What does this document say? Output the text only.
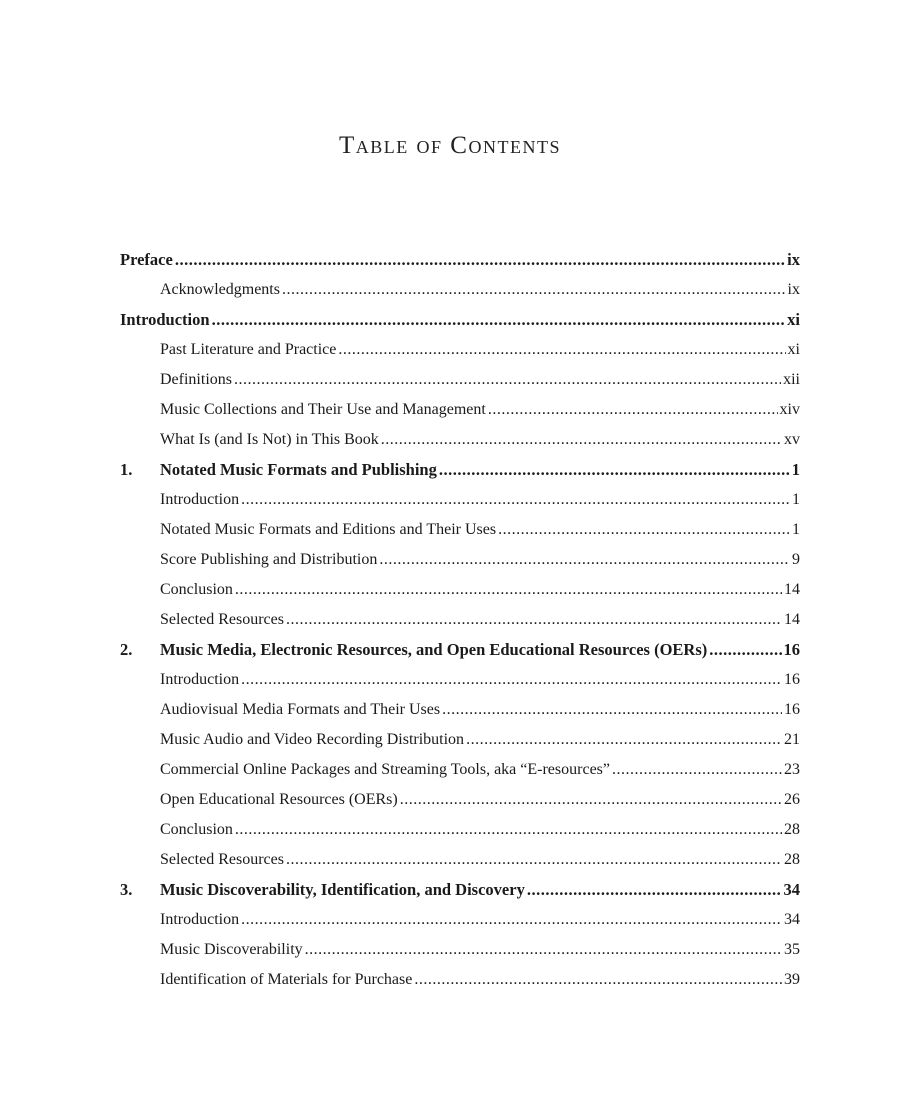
Table of Contents
Preface .....	ix
Acknowledgments .....	ix
Introduction .....	xi
Past Literature and Practice .....	xi
Definitions .....	xii
Music Collections and Their Use and Management .....	xiv
What Is (and Is Not) in This Book .....	xv
1.	Notated Music Formats and Publishing .....	1
Introduction .....	1
Notated Music Formats and Editions and Their Uses .....	1
Score Publishing and Distribution .....	9
Conclusion .....	14
Selected Resources .....	14
2.	Music Media, Electronic Resources, and Open Educational Resources (OERs) .....	16
Introduction .....	16
Audiovisual Media Formats and Their Uses .....	16
Music Audio and Video Recording Distribution .....	21
Commercial Online Packages and Streaming Tools, aka “E-resources” .....	23
Open Educational Resources (OERs) .....	26
Conclusion .....	28
Selected Resources .....	28
3.	Music Discoverability, Identification, and Discovery .....	34
Introduction .....	34
Music Discoverability .....	35
Identification of Materials for Purchase .....	39
